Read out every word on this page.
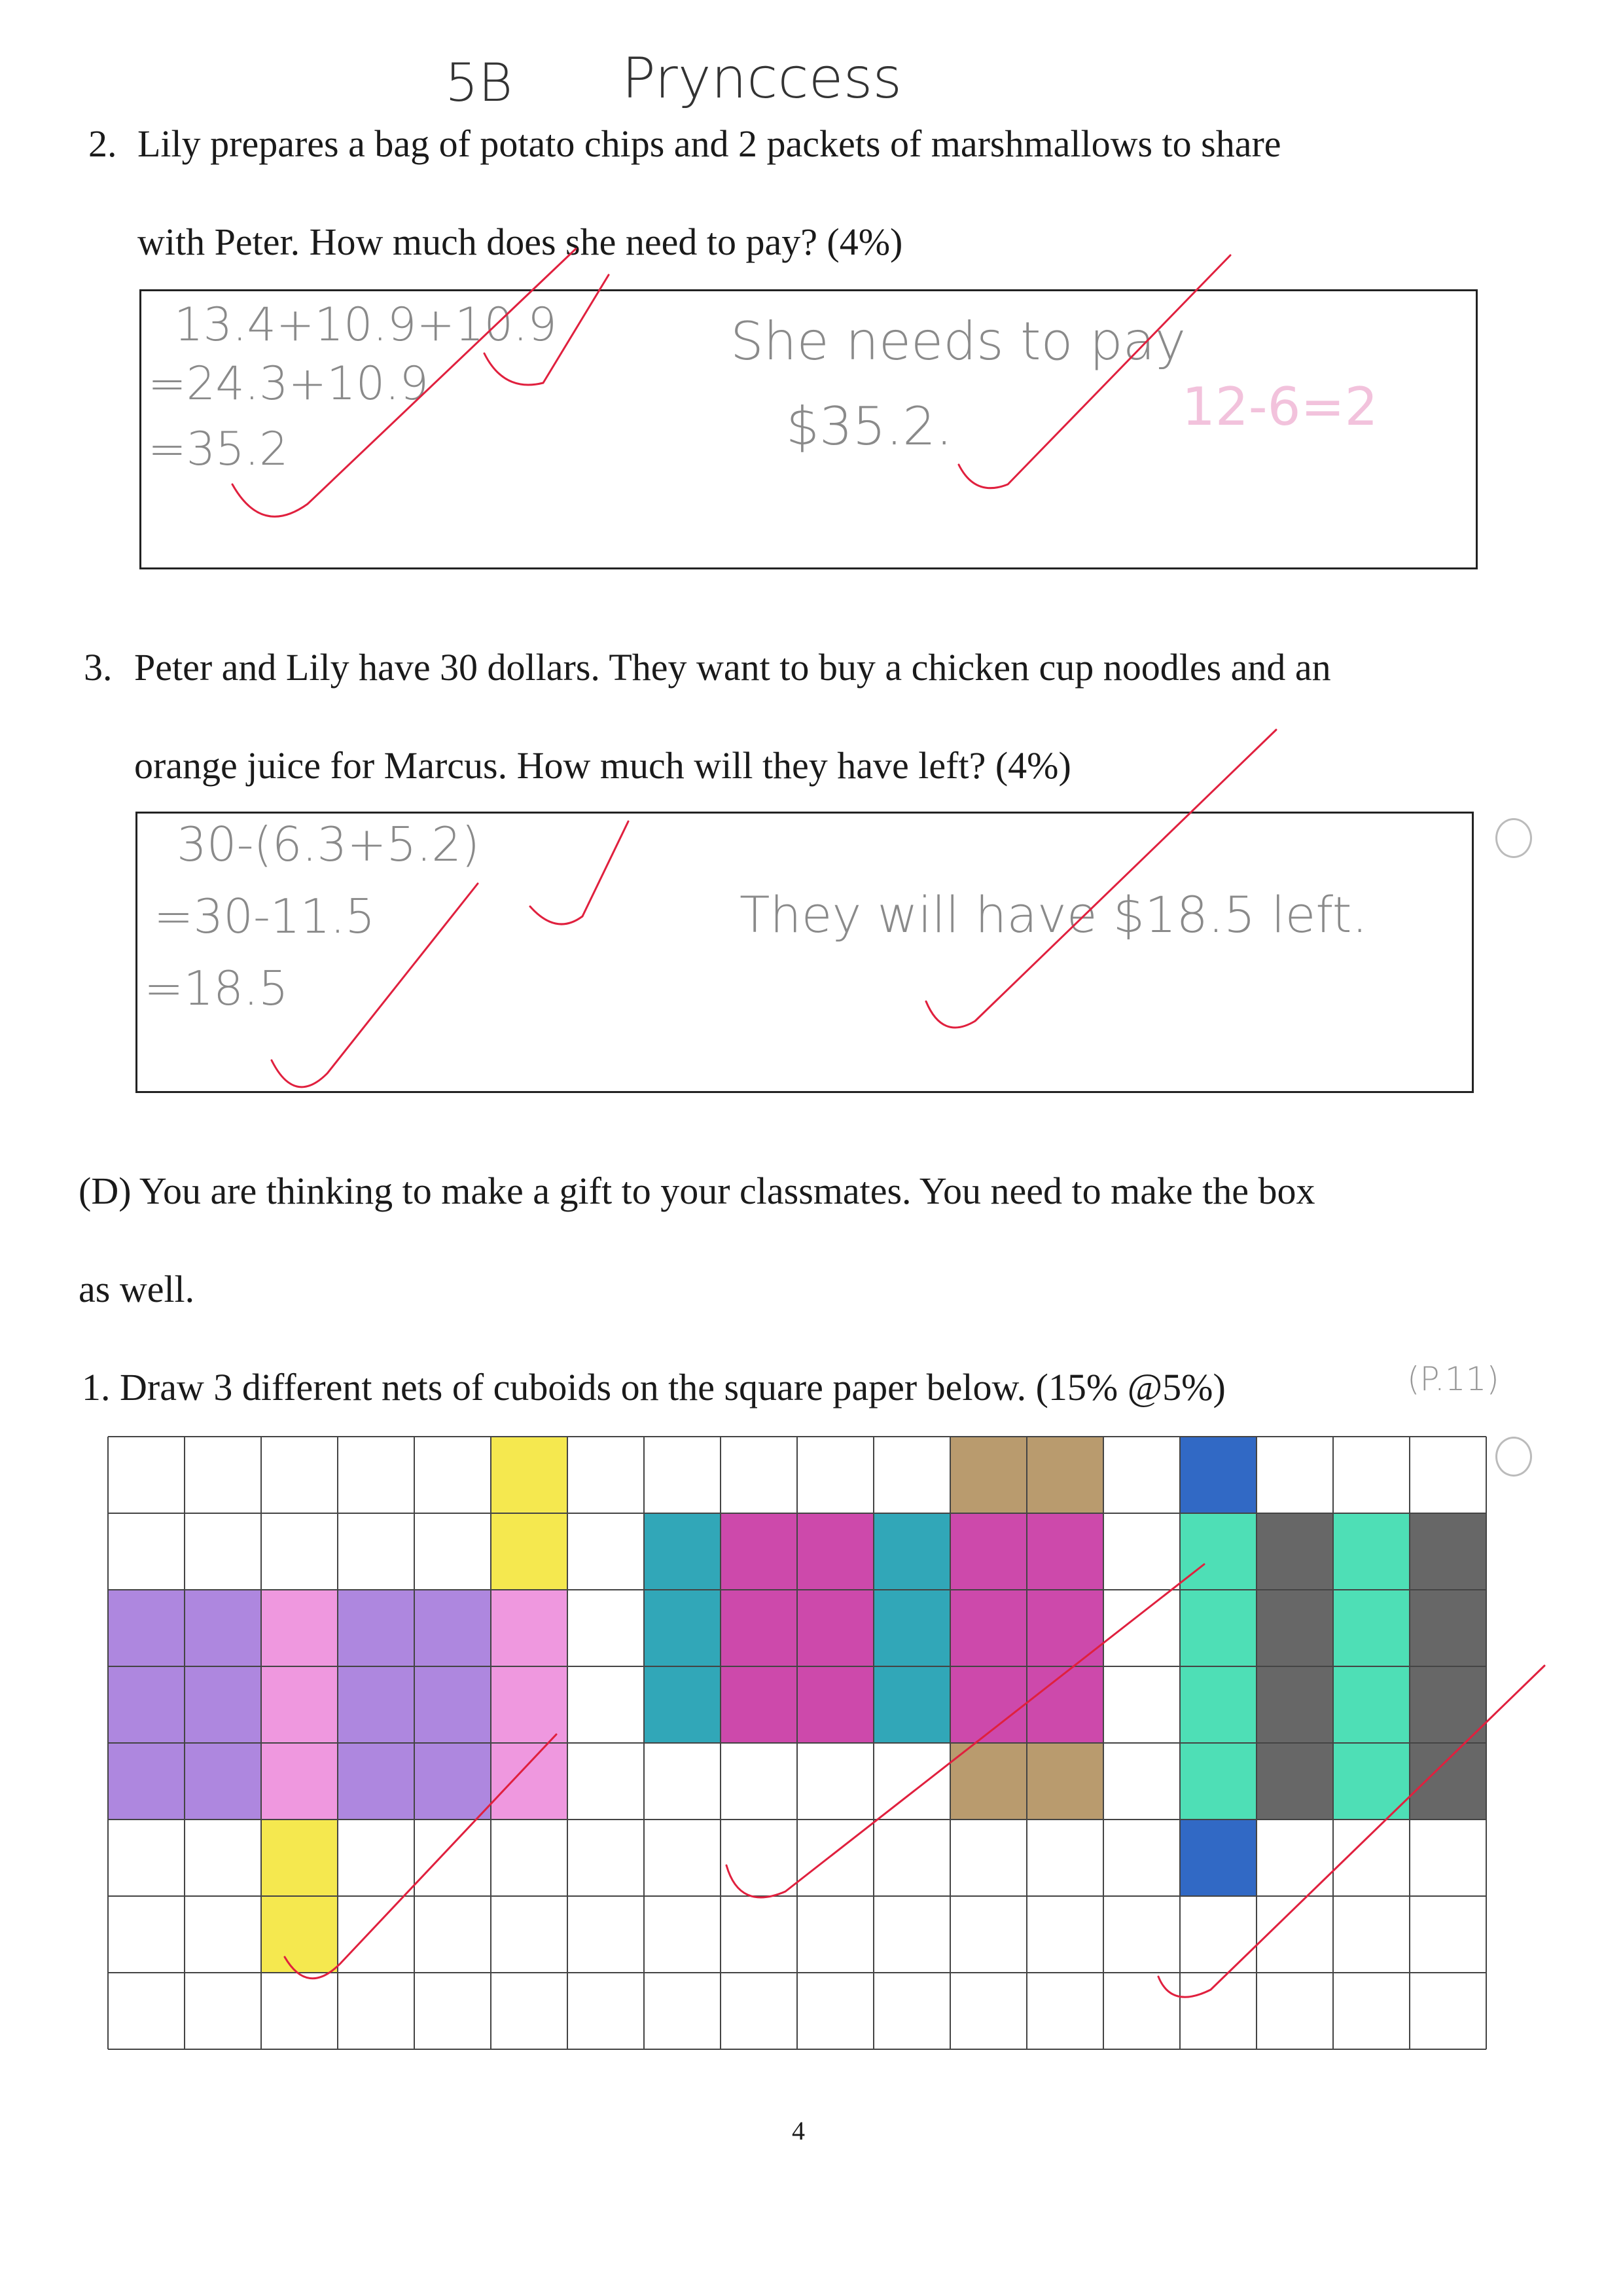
5B Prynccess
2. Lily prepares a bag of potato chips and 2 packets of marshmallows to share
with Peter. How much does she need to pay? (4%)
13.4+10.9+10.9
=24.3+10.9
=35.2
She needs to pay
$35.2.	12-6=2
3. Peter and Lily have 30 dollars. They want to buy a chicken cup noodles and an
orange juice for Marcus. How much will they have left? (4%)
30-(6.3+5.2)
=30-11.5
=18.5
They will have $18.5 left.
(D) You are thinking to make a gift to your classmates. You need to make the box
as well.
1. Draw 3 different nets of cuboids on the square paper below. (15% @5%)	(P.11)
4
